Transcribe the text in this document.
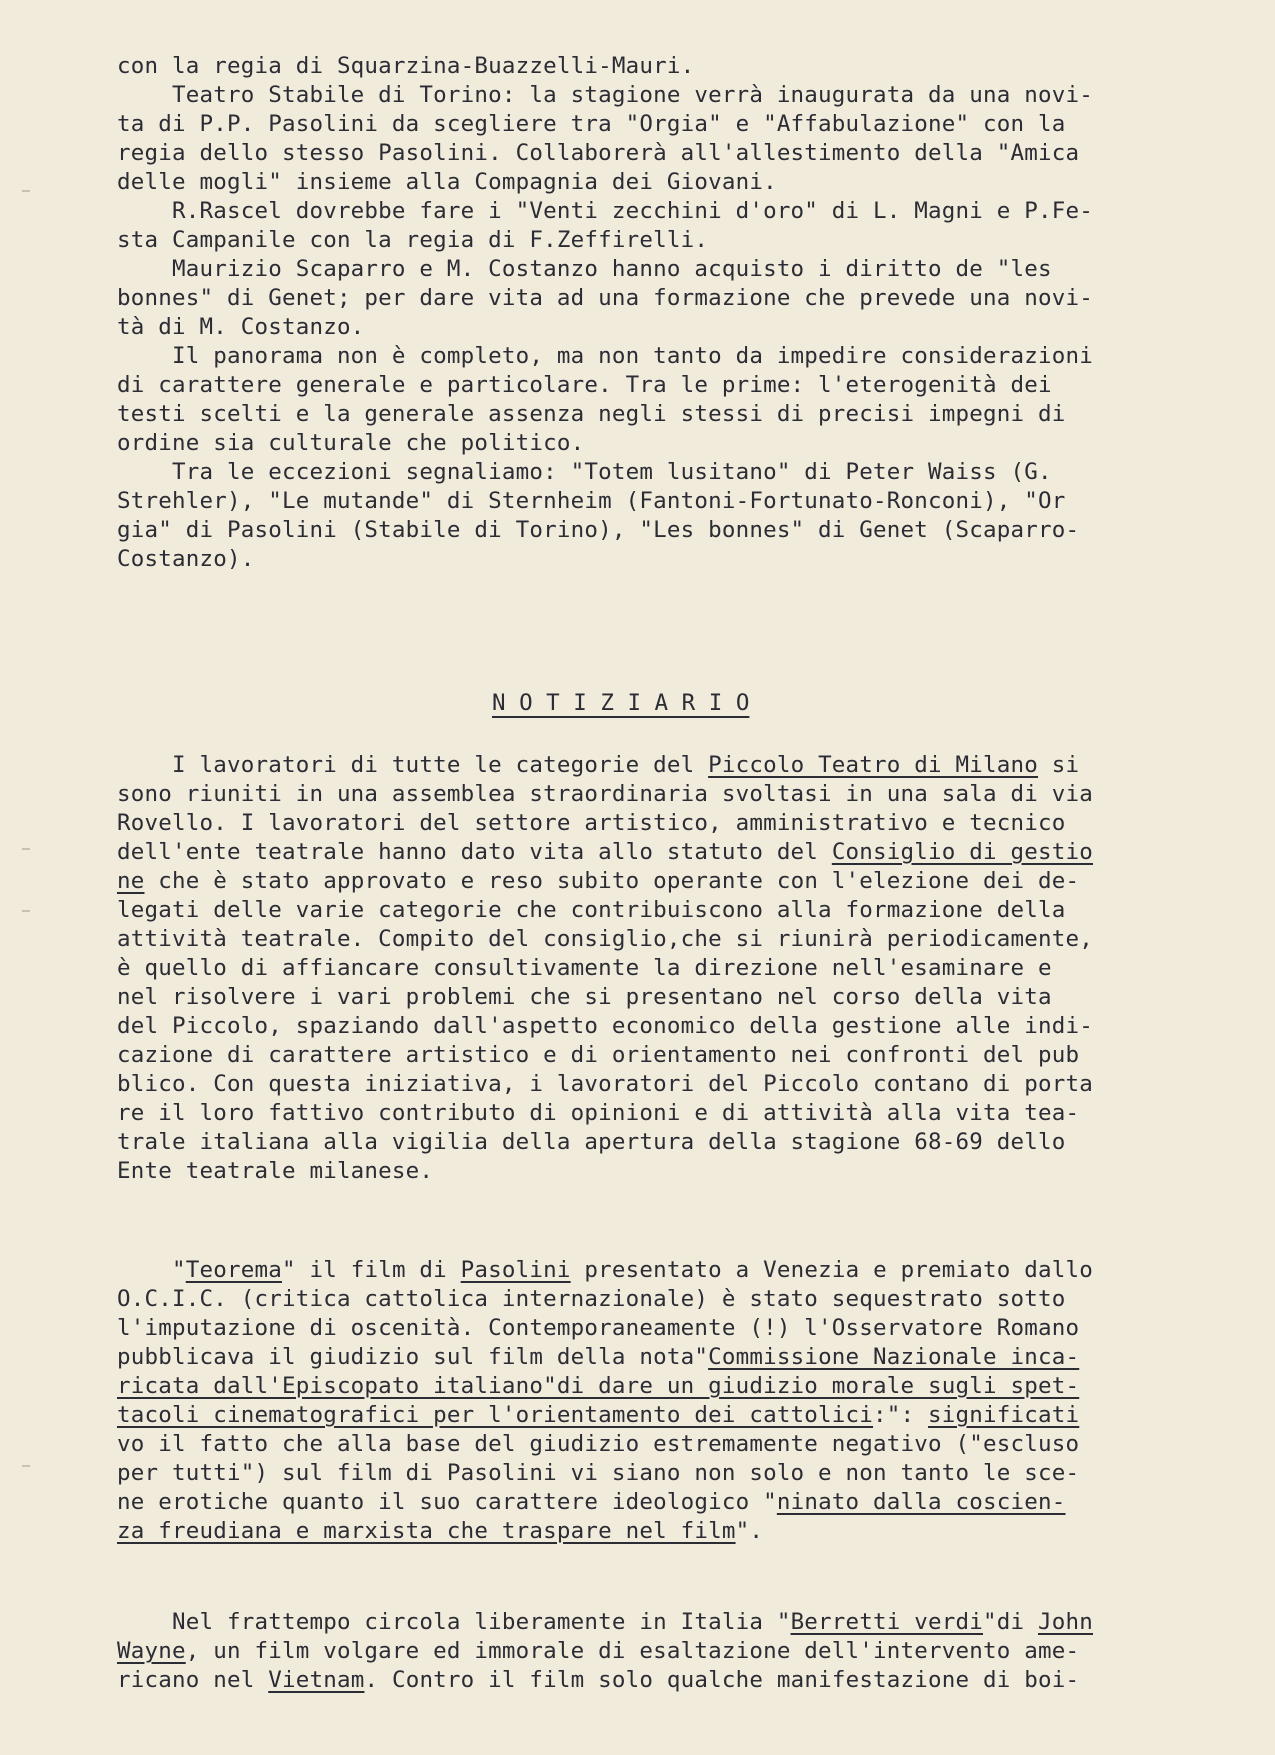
con la regia di Squarzina-Buazzelli-Mauri.
Teatro Stabile di Torino: la stagione verrà inaugurata da una novi-
ta di P.P. Pasolini da scegliere tra "Orgia" e "Affabulazione" con la
regia dello stesso Pasolini. Collaborerà all'allestimento della "Amica
delle mogli" insieme alla Compagnia dei Giovani.
R.Rascel dovrebbe fare i "Venti zecchini d'oro" di L. Magni e P.Fe-
sta Campanile con la regia di F.Zeffirelli.
Maurizio Scaparro e M. Costanzo hanno acquisto i diritto de "les
bonnes" di Genet; per dare vita ad una formazione che prevede una novi-
tà di M. Costanzo.
Il panorama non è completo, ma non tanto da impedire considerazioni
di carattere generale e particolare. Tra le prime: l'eterogenità dei
testi scelti e la generale assenza negli stessi di precisi impegni di
ordine sia culturale che politico.
Tra le eccezioni segnaliamo: "Totem lusitano" di Peter Waiss (G.
Strehler), "Le mutande" di Sternheim (Fantoni-Fortunato-Ronconi), "Or
gia" di Pasolini (Stabile di Torino), "Les bonnes" di Genet (Scaparro-
Costanzo).
N O T I Z I A R I O
I lavoratori di tutte le categorie del Piccolo Teatro di Milano si
sono riuniti in una assemblea straordinaria svoltasi in una sala di via
Rovello. I lavoratori del settore artistico, amministrativo e tecnico
dell'ente teatrale hanno dato vita allo statuto del Consiglio di gestio
ne che è stato approvato e reso subito operante con l'elezione dei de-
legati delle varie categorie che contribuiscono alla formazione della
attività teatrale. Compito del consiglio,che si riunirà periodicamente,
è quello di affiancare consultivamente la direzione nell'esaminare e
nel risolvere i vari problemi che si presentano nel corso della vita
del Piccolo, spaziando dall'aspetto economico della gestione alle indi-
cazione di carattere artistico e di orientamento nei confronti del pub
blico. Con questa iniziativa, i lavoratori del Piccolo contano di porta
re il loro fattivo contributo di opinioni e di attività alla vita tea-
trale italiana alla vigilia della apertura della stagione 68-69 dello
Ente teatrale milanese.
"Teorema" il film di Pasolini presentato a Venezia e premiato dallo
O.C.I.C. (critica cattolica internazionale) è stato sequestrato sotto
l'imputazione di oscenità. Contemporaneamente (!) l'Osservatore Romano
pubblicava il giudizio sul film della nota"Commissione Nazionale inca-
ricata dall'Episcopato italiano"di dare un giudizio morale sugli spet-
tacoli cinematografici per l'orientamento dei cattolici:": significati
vo il fatto che alla base del giudizio estremamente negativo ("escluso
per tutti") sul film di Pasolini vi siano non solo e non tanto le sce-
ne erotiche quanto il suo carattere ideologico "ninato dalla coscien-
za freudiana e marxista che traspare nel film".
Nel frattempo circola liberamente in Italia "Berretti verdi"di John
Wayne, un film volgare ed immorale di esaltazione dell'intervento ame-
ricano nel Vietnam. Contro il film solo qualche manifestazione di boi-
